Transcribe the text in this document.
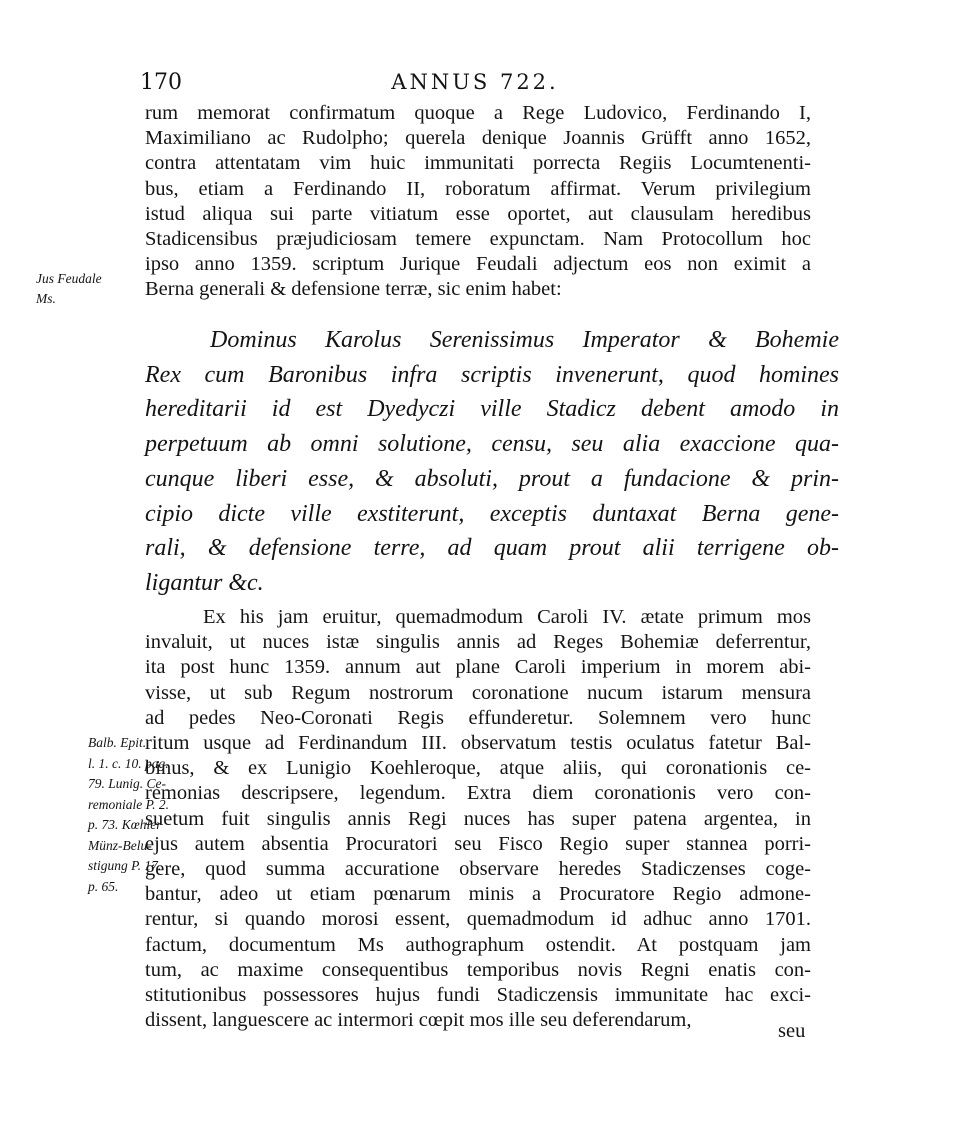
170	ANNUS 722.
rum memorat confirmatum quoque a Rege Ludovico, Ferdinando I,
Maximiliano ac Rudolpho; querela denique Joannis Grüfft anno 1652,
contra attentatam vim huic immunitati porrecta Regiis Locumtenenti-
bus, etiam a Ferdinando II, roboratum affirmat. Verum privilegium
istud aliqua sui parte vitiatum esse oportet, aut clausulam heredibus
Stadicensibus præjudiciosam temere expunctam. Nam Protocollum hoc
ipso anno 1359. scriptum Jurique Feudali adjectum eos non eximit a
Berna generali & defensione terræ, sic enim habet:
Dominus Karolus Serenissimus Imperator & Bohemie
Rex cum Baronibus infra scriptis invenerunt, quod homines
hereditarii id est Dyedyczi ville Stadicz debent amodo in
perpetuum ab omni solutione, censu, seu alia exaccione qua-
cunque liberi esse, & absoluti, prout a fundacione & prin-
cipio dicte ville exstiterunt, exceptis duntaxat Berna gene-
rali, & defensione terre, ad quam prout alii terrigene ob-
ligantur &c.
Ex his jam eruitur, quemadmodum Caroli IV. ætate primum mos
invaluit, ut nuces istæ singulis annis ad Reges Bohemiæ deferrentur,
ita post hunc 1359. annum aut plane Caroli imperium in morem abi-
visse, ut sub Regum nostrorum coronatione nucum istarum mensura
ad pedes Neo-Coronati Regis effunderetur. Solemnem vero hunc
ritum usque ad Ferdinandum III. observatum testis oculatus fatetur Bal-
binus, & ex Lunigio Koehleroque, atque aliis, qui coronationis ce-
remonias descripsere, legendum. Extra diem coronationis vero con-
suetum fuit singulis annis Regi nuces has super patena argentea, in
ejus autem absentia Procuratori seu Fisco Regio super stannea porri-
gere, quod summa accuratione observare heredes Stadiczenses coge-
bantur, adeo ut etiam pœnarum minis a Procuratore Regio admone-
rentur, si quando morosi essent, quemadmodum id adhuc anno 1701.
factum, documentum Ms authographum ostendit. At postquam jam
tum, ac maxime consequentibus temporibus novis Regni enatis con-
stitutionibus possessores hujus fundi Stadiczensis immunitate hac exci-
dissent, languescere ac intermori cœpit mos ille seu deferendarum,	seu
Jus Feudale
Ms.
Balb. Epit.
l. 1. c. 10. pag.
79. Lunig. Ce-
remoniale P. 2.
p. 73. Kœhler
Münz-Belu-
stigung P. 17.
p. 65.
